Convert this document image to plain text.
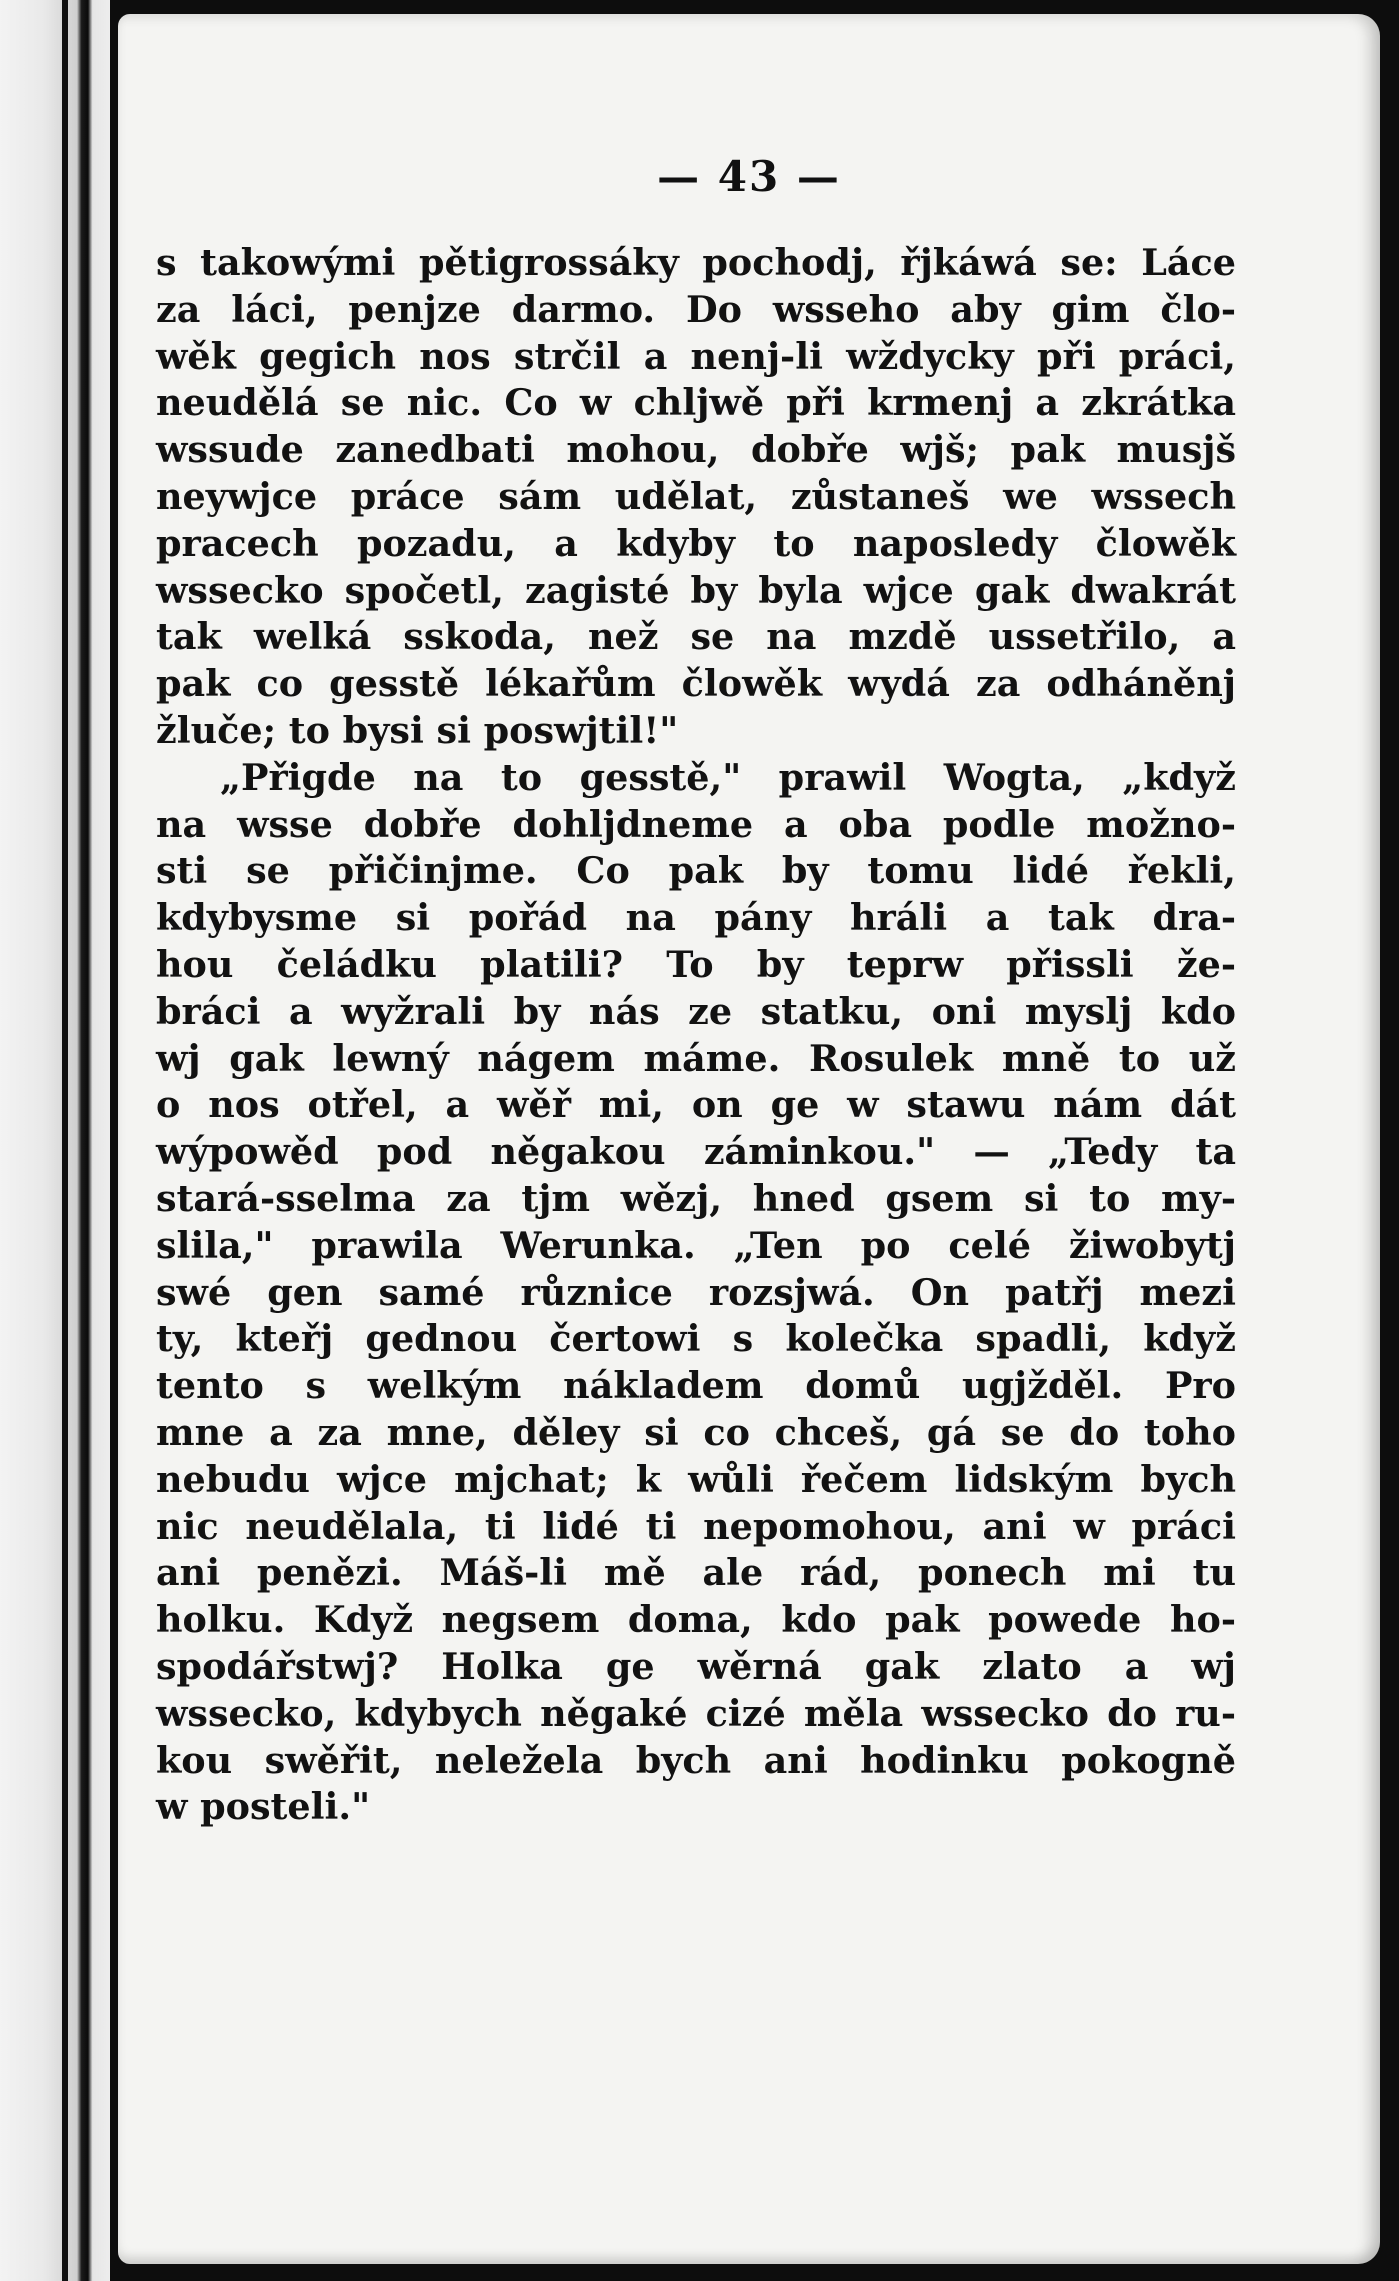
— 43 —
s takowými pětigrossáky pochodj, řjkáwá se: Láce
za láci, penjze darmo. Do wsseho aby gim člo-
wěk gegich nos strčil a nenj-li wždycky při práci,
neudělá se nic. Co w chljwě při krmenj a zkrátka
wssude zanedbati mohou, dobře wjš; pak musjš
neywjce práce sám udělat, zůstaneš we wssech
pracech pozadu, a kdyby to naposledy člowěk
wssecko spočetl, zagisté by byla wjce gak dwakrát
tak welká sskoda, než se na mzdě ussetřilo, a
pak co gesstě lékařům člowěk wydá za odháněnj
žluče; to bysi si poswjtil!"
„Přigde na to gesstě," prawil Wogta, „když
na wsse dobře dohljdneme a oba podle možno-
sti se přičinjme. Co pak by tomu lidé řekli,
kdybysme si pořád na pány hráli a tak dra-
hou čeládku platili? To by teprw přissli že-
bráci a wyžrali by nás ze statku, oni myslj kdo
wj gak lewný nágem máme. Rosulek mně to už
o nos otřel, a wěř mi, on ge w stawu nám dát
wýpowěd pod něgakou záminkou." — „Tedy ta
stará-sselma za tjm wězj, hned gsem si to my-
slila," prawila Werunka. „Ten po celé žiwobytj
swé gen samé různice rozsjwá. On patřj mezi
ty, kteřj gednou čertowi s kolečka spadli, když
tento s welkým nákladem domů ugjžděl. Pro
mne a za mne, děley si co chceš, gá se do toho
nebudu wjce mjchat; k wůli řečem lidským bych
nic neudělala, ti lidé ti nepomohou, ani w práci
ani penězi. Máš-li mě ale rád, ponech mi tu
holku. Když negsem doma, kdo pak powede ho-
spodářstwj? Holka ge wěrná gak zlato a wj
wssecko, kdybych něgaké cizé měla wssecko do ru-
kou swěřit, neležela bych ani hodinku pokogně
w posteli."
